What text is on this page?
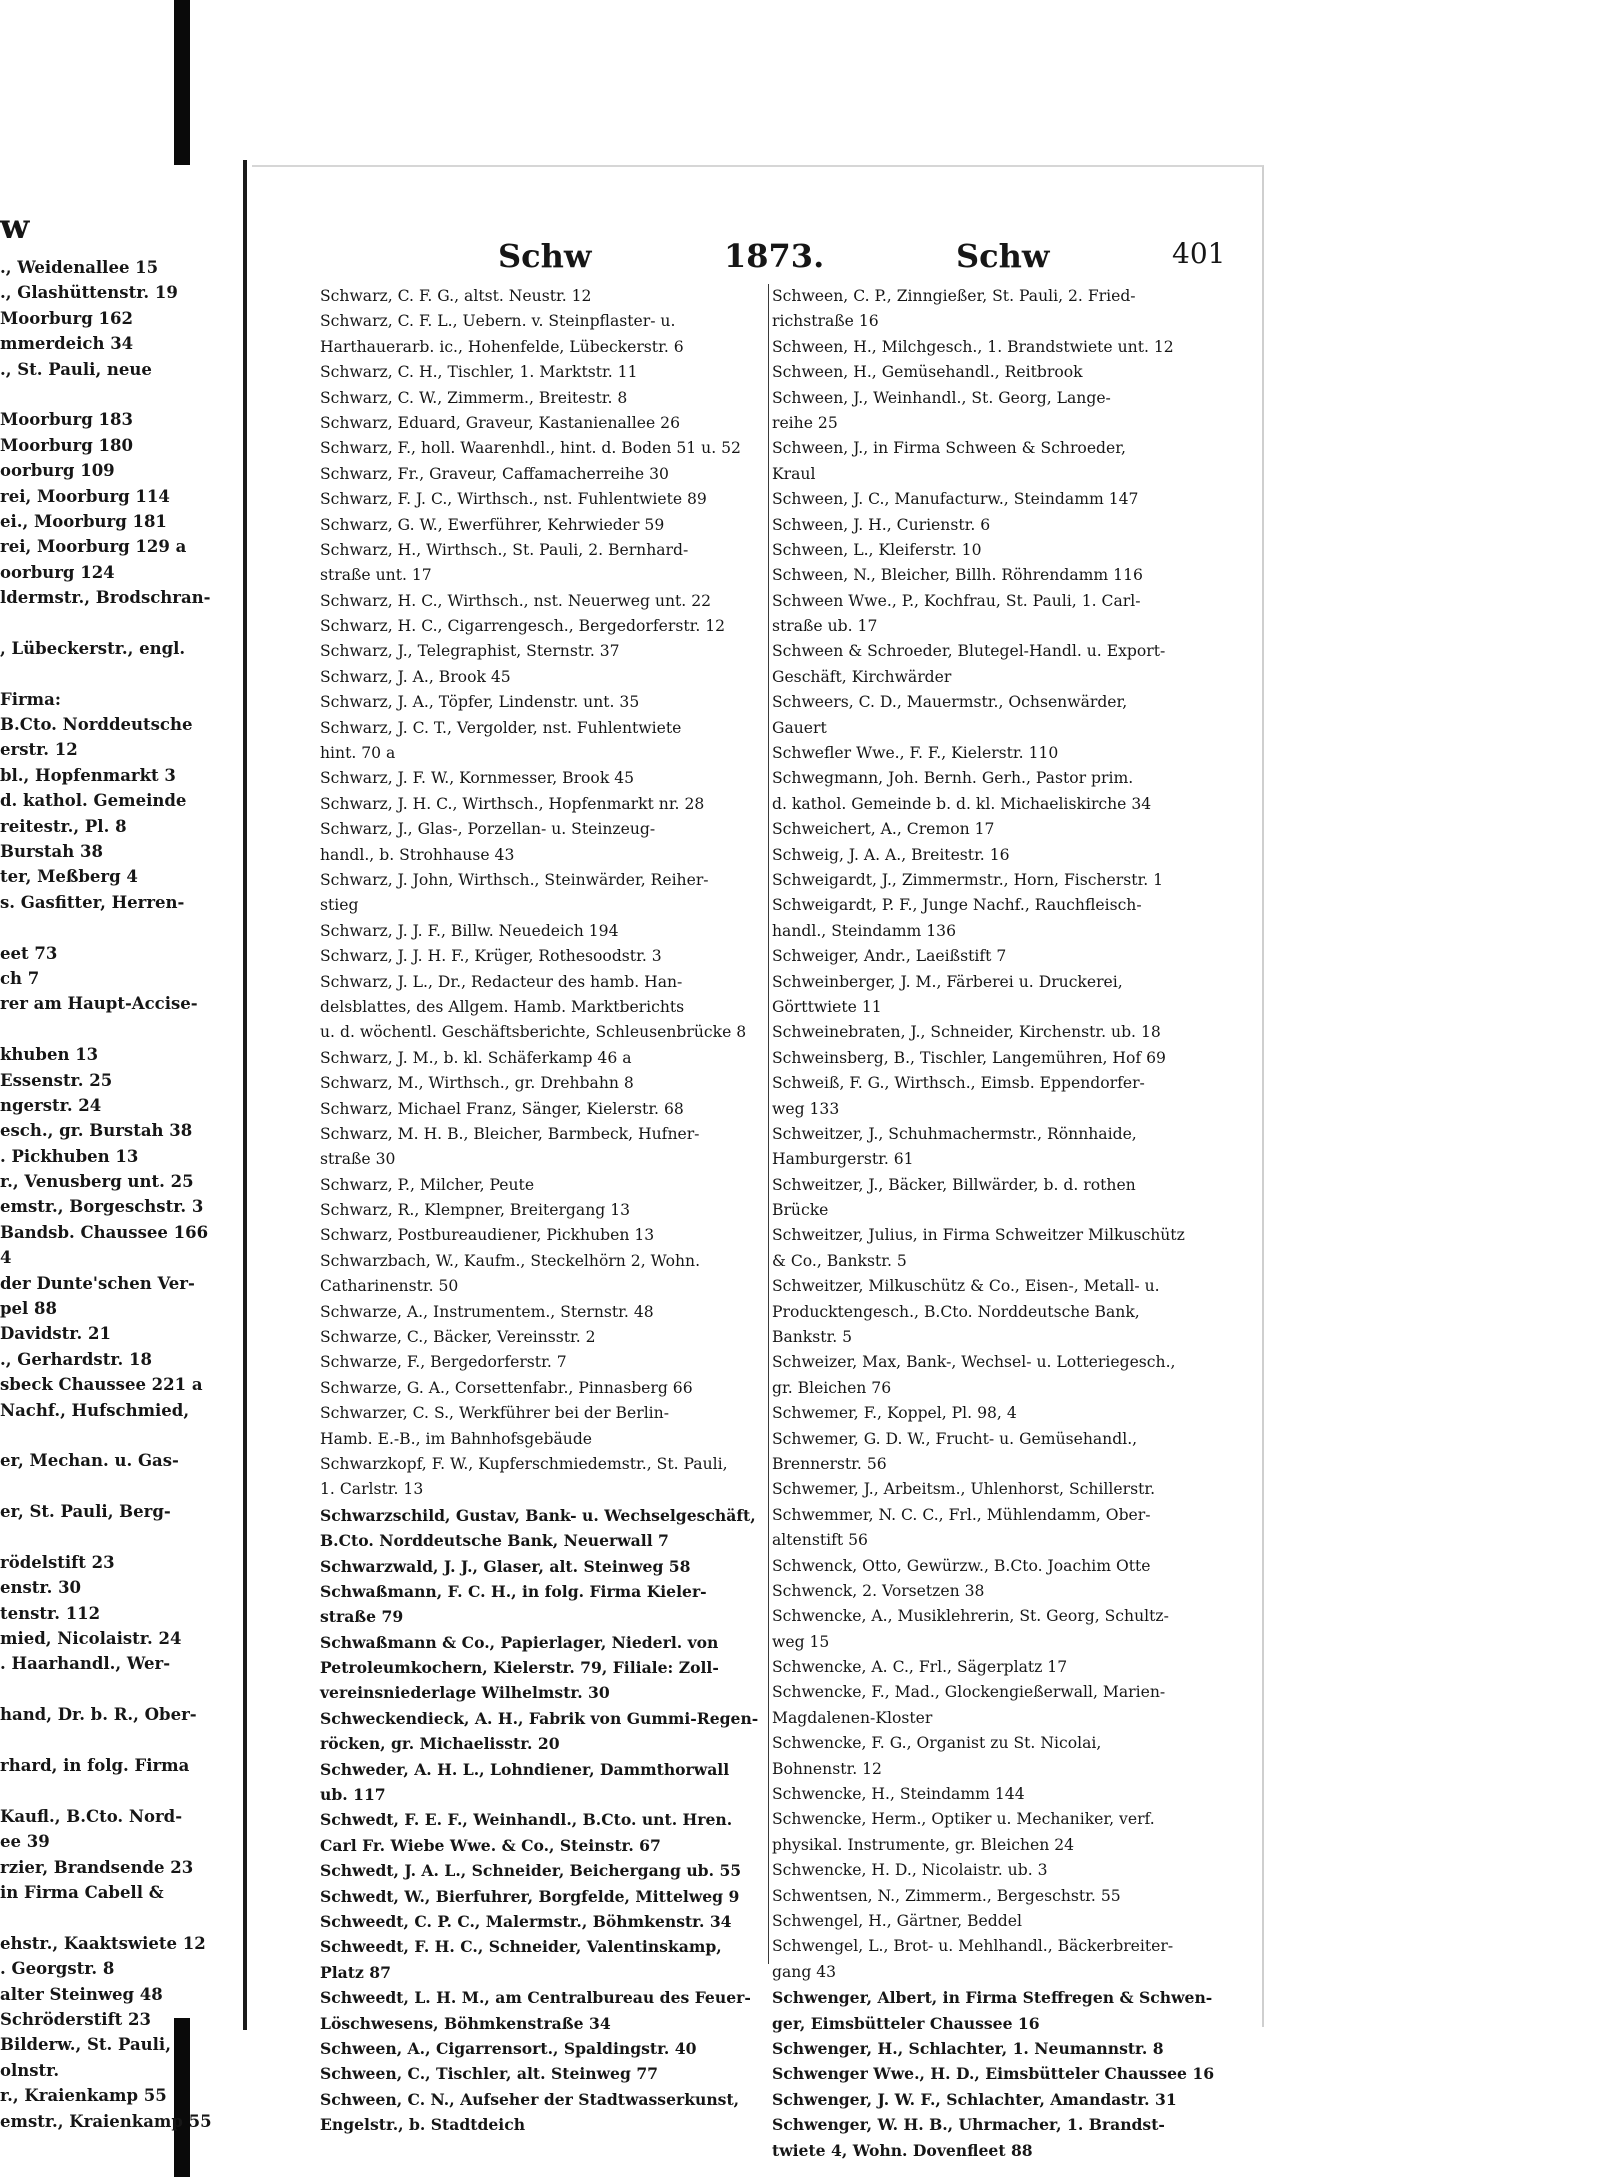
w
., Weidenallee 15
., Glashüttenstr. 19
Moorburg 162
mmerdeich 34
., St. Pauli, neue
Moorburg 183
Moorburg 180
oorburg 109
rei, Moorburg 114
ei., Moorburg 181
rei, Moorburg 129 a
oorburg 124
ldermstr., Brodschran-
, Lübeckerstr., engl.
Firma:
B.Cto. Norddeutsche
erstr. 12
bl., Hopfenmarkt 3
d. kathol. Gemeinde
reitestr., Pl. 8
Burstah 38
ter, Meßberg 4
s. Gasfitter, Herren-
eet 73
ch 7
rer am Haupt-Accise-
khuben 13
Essenstr. 25
ngerstr. 24
esch., gr. Burstah 38
. Pickhuben 13
r., Venusberg unt. 25
emstr., Borgeschstr. 3
Bandsb. Chaussee 166
4
der Dunte'schen Ver-
pel 88
Davidstr. 21
., Gerhardstr. 18
sbeck Chaussee 221 a
Nachf., Hufschmied,
er, Mechan. u. Gas-
er, St. Pauli, Berg-
rödelstift 23
enstr. 30
tenstr. 112
mied, Nicolaistr. 24
. Haarhandl., Wer-
hand, Dr. b. R., Ober-
rhard, in folg. Firma
Kaufl., B.Cto. Nord-
ee 39
rzier, Brandsende 23
in Firma Cabell &
ehstr., Kaaktswiete 12
. Georgstr. 8
alter Steinweg 48
Schröderstift 23
Bilderw., St. Pauli,
olnstr.
r., Kraienkamp 55
emstr., Kraienkamp 55
Schw	1873.	Schw	401
Schwarz, C. F. G., altst. Neustr. 12
Schwarz, C. F. L., Uebern. v. Steinpflaster- u.
Harthauerarb. ic., Hohenfelde, Lübeckerstr. 6
Schwarz, C. H., Tischler, 1. Marktstr. 11
Schwarz, C. W., Zimmerm., Breitestr. 8
Schwarz, Eduard, Graveur, Kastanienallee 26
Schwarz, F., holl. Waarenhdl., hint. d. Boden 51 u. 52
Schwarz, Fr., Graveur, Caffamacherreihe 30
Schwarz, F. J. C., Wirthsch., nst. Fuhlentwiete 89
Schwarz, G. W., Ewerführer, Kehrwieder 59
Schwarz, H., Wirthsch., St. Pauli, 2. Bernhard-
straße unt. 17
Schwarz, H. C., Wirthsch., nst. Neuerweg unt. 22
Schwarz, H. C., Cigarrengesch., Bergedorferstr. 12
Schwarz, J., Telegraphist, Sternstr. 37
Schwarz, J. A., Brook 45
Schwarz, J. A., Töpfer, Lindenstr. unt. 35
Schwarz, J. C. T., Vergolder, nst. Fuhlentwiete
hint. 70 a
Schwarz, J. F. W., Kornmesser, Brook 45
Schwarz, J. H. C., Wirthsch., Hopfenmarkt nr. 28
Schwarz, J., Glas-, Porzellan- u. Steinzeug-
handl., b. Strohhause 43
Schwarz, J. John, Wirthsch., Steinwärder, Reiher-
stieg
Schwarz, J. J. F., Billw. Neuedeich 194
Schwarz, J. J. H. F., Krüger, Rothesoodstr. 3
Schwarz, J. L., Dr., Redacteur des hamb. Han-
delsblattes, des Allgem. Hamb. Marktberichts
u. d. wöchentl. Geschäftsberichte, Schleusenbrücke 8
Schwarz, J. M., b. kl. Schäferkamp 46 a
Schwarz, M., Wirthsch., gr. Drehbahn 8
Schwarz, Michael Franz, Sänger, Kielerstr. 68
Schwarz, M. H. B., Bleicher, Barmbeck, Hufner-
straße 30
Schwarz, P., Milcher, Peute
Schwarz, R., Klempner, Breitergang 13
Schwarz, Postbureaudiener, Pickhuben 13
Schwarzbach, W., Kaufm., Steckelhörn 2, Wohn.
Catharinenstr. 50
Schwarze, A., Instrumentem., Sternstr. 48
Schwarze, C., Bäcker, Vereinsstr. 2
Schwarze, F., Bergedorferstr. 7
Schwarze, G. A., Corsettenfabr., Pinnasberg 66
Schwarzer, C. S., Werkführer bei der Berlin-
Hamb. E.-B., im Bahnhofsgebäude
Schwarzkopf, F. W., Kupferschmiedemstr., St. Pauli,
1. Carlstr. 13
Schwarzschild, Gustav, Bank- u. Wechselgeschäft,
B.Cto. Norddeutsche Bank, Neuerwall 7
Schwarzwald, J. J., Glaser, alt. Steinweg 58
Schwaßmann, F. C. H., in folg. Firma Kieler-
straße 79
Schwaßmann & Co., Papierlager, Niederl. von
Petroleumkochern, Kielerstr. 79, Filiale: Zoll-
vereinsniederlage Wilhelmstr. 30
Schweckendieck, A. H., Fabrik von Gummi-Regen-
röcken, gr. Michaelisstr. 20
Schweder, A. H. L., Lohndiener, Dammthorwall
ub. 117
Schwedt, F. E. F., Weinhandl., B.Cto. unt. Hren.
Carl Fr. Wiebe Wwe. & Co., Steinstr. 67
Schwedt, J. A. L., Schneider, Beichergang ub. 55
Schwedt, W., Bierfuhrer, Borgfelde, Mittelweg 9
Schweedt, C. P. C., Malermstr., Böhmkenstr. 34
Schweedt, F. H. C., Schneider, Valentinskamp,
Platz 87
Schweedt, L. H. M., am Centralbureau des Feuer-
Löschwesens, Böhmkenstraße 34
Schween, A., Cigarrensort., Spaldingstr. 40
Schween, C., Tischler, alt. Steinweg 77
Schween, C. N., Aufseher der Stadtwasserkunst,
Engelstr., b. Stadtdeich
Schween, C. P., Zinngießer, St. Pauli, 2. Fried-
richstraße 16
Schween, H., Milchgesch., 1. Brandstwiete unt. 12
Schween, H., Gemüsehandl., Reitbrook
Schween, J., Weinhandl., St. Georg, Lange-
reihe 25
Schween, J., in Firma Schween & Schroeder,
Kraul
Schween, J. C., Manufacturw., Steindamm 147
Schween, J. H., Curienstr. 6
Schween, L., Kleiferstr. 10
Schween, N., Bleicher, Billh. Röhrendamm 116
Schween Wwe., P., Kochfrau, St. Pauli, 1. Carl-
straße ub. 17
Schween & Schroeder, Blutegel-Handl. u. Export-
Geschäft, Kirchwärder
Schweers, C. D., Mauermstr., Ochsenwärder,
Gauert
Schwefler Wwe., F. F., Kielerstr. 110
Schwegmann, Joh. Bernh. Gerh., Pastor prim.
d. kathol. Gemeinde b. d. kl. Michaeliskirche 34
Schweichert, A., Cremon 17
Schweig, J. A. A., Breitestr. 16
Schweigardt, J., Zimmermstr., Horn, Fischerstr. 1
Schweigardt, P. F., Junge Nachf., Rauchfleisch-
handl., Steindamm 136
Schweiger, Andr., Laeißstift 7
Schweinberger, J. M., Färberei u. Druckerei,
Görttwiete 11
Schweinebraten, J., Schneider, Kirchenstr. ub. 18
Schweinsberg, B., Tischler, Langemühren, Hof 69
Schweiß, F. G., Wirthsch., Eimsb. Eppendorfer-
weg 133
Schweitzer, J., Schuhmachermstr., Rönnhaide,
Hamburgerstr. 61
Schweitzer, J., Bäcker, Billwärder, b. d. rothen
Brücke
Schweitzer, Julius, in Firma Schweitzer Milkuschütz
& Co., Bankstr. 5
Schweitzer, Milkuschütz & Co., Eisen-, Metall- u.
Producktengesch., B.Cto. Norddeutsche Bank,
Bankstr. 5
Schweizer, Max, Bank-, Wechsel- u. Lotteriegesch.,
gr. Bleichen 76
Schwemer, F., Koppel, Pl. 98, 4
Schwemer, G. D. W., Frucht- u. Gemüsehandl.,
Brennerstr. 56
Schwemer, J., Arbeitsm., Uhlenhorst, Schillerstr.
Schwemmer, N. C. C., Frl., Mühlendamm, Ober-
altenstift 56
Schwenck, Otto, Gewürzw., B.Cto. Joachim Otte
Schwenck, 2. Vorsetzen 38
Schwencke, A., Musiklehrerin, St. Georg, Schultz-
weg 15
Schwencke, A. C., Frl., Sägerplatz 17
Schwencke, F., Mad., Glockengießerwall, Marien-
Magdalenen-Kloster
Schwencke, F. G., Organist zu St. Nicolai,
Bohnenstr. 12
Schwencke, H., Steindamm 144
Schwencke, Herm., Optiker u. Mechaniker, verf.
physikal. Instrumente, gr. Bleichen 24
Schwencke, H. D., Nicolaistr. ub. 3
Schwentsen, N., Zimmerm., Bergeschstr. 55
Schwengel, H., Gärtner, Beddel
Schwengel, L., Brot- u. Mehlhandl., Bäckerbreiter-
gang 43
Schwenger, Albert, in Firma Steffregen & Schwen-
ger, Eimsbütteler Chaussee 16
Schwenger, H., Schlachter, 1. Neumannstr. 8
Schwenger Wwe., H. D., Eimsbütteler Chaussee 16
Schwenger, J. W. F., Schlachter, Amandastr. 31
Schwenger, W. H. B., Uhrmacher, 1. Brandst-
twiete 4, Wohn. Dovenfleet 88
